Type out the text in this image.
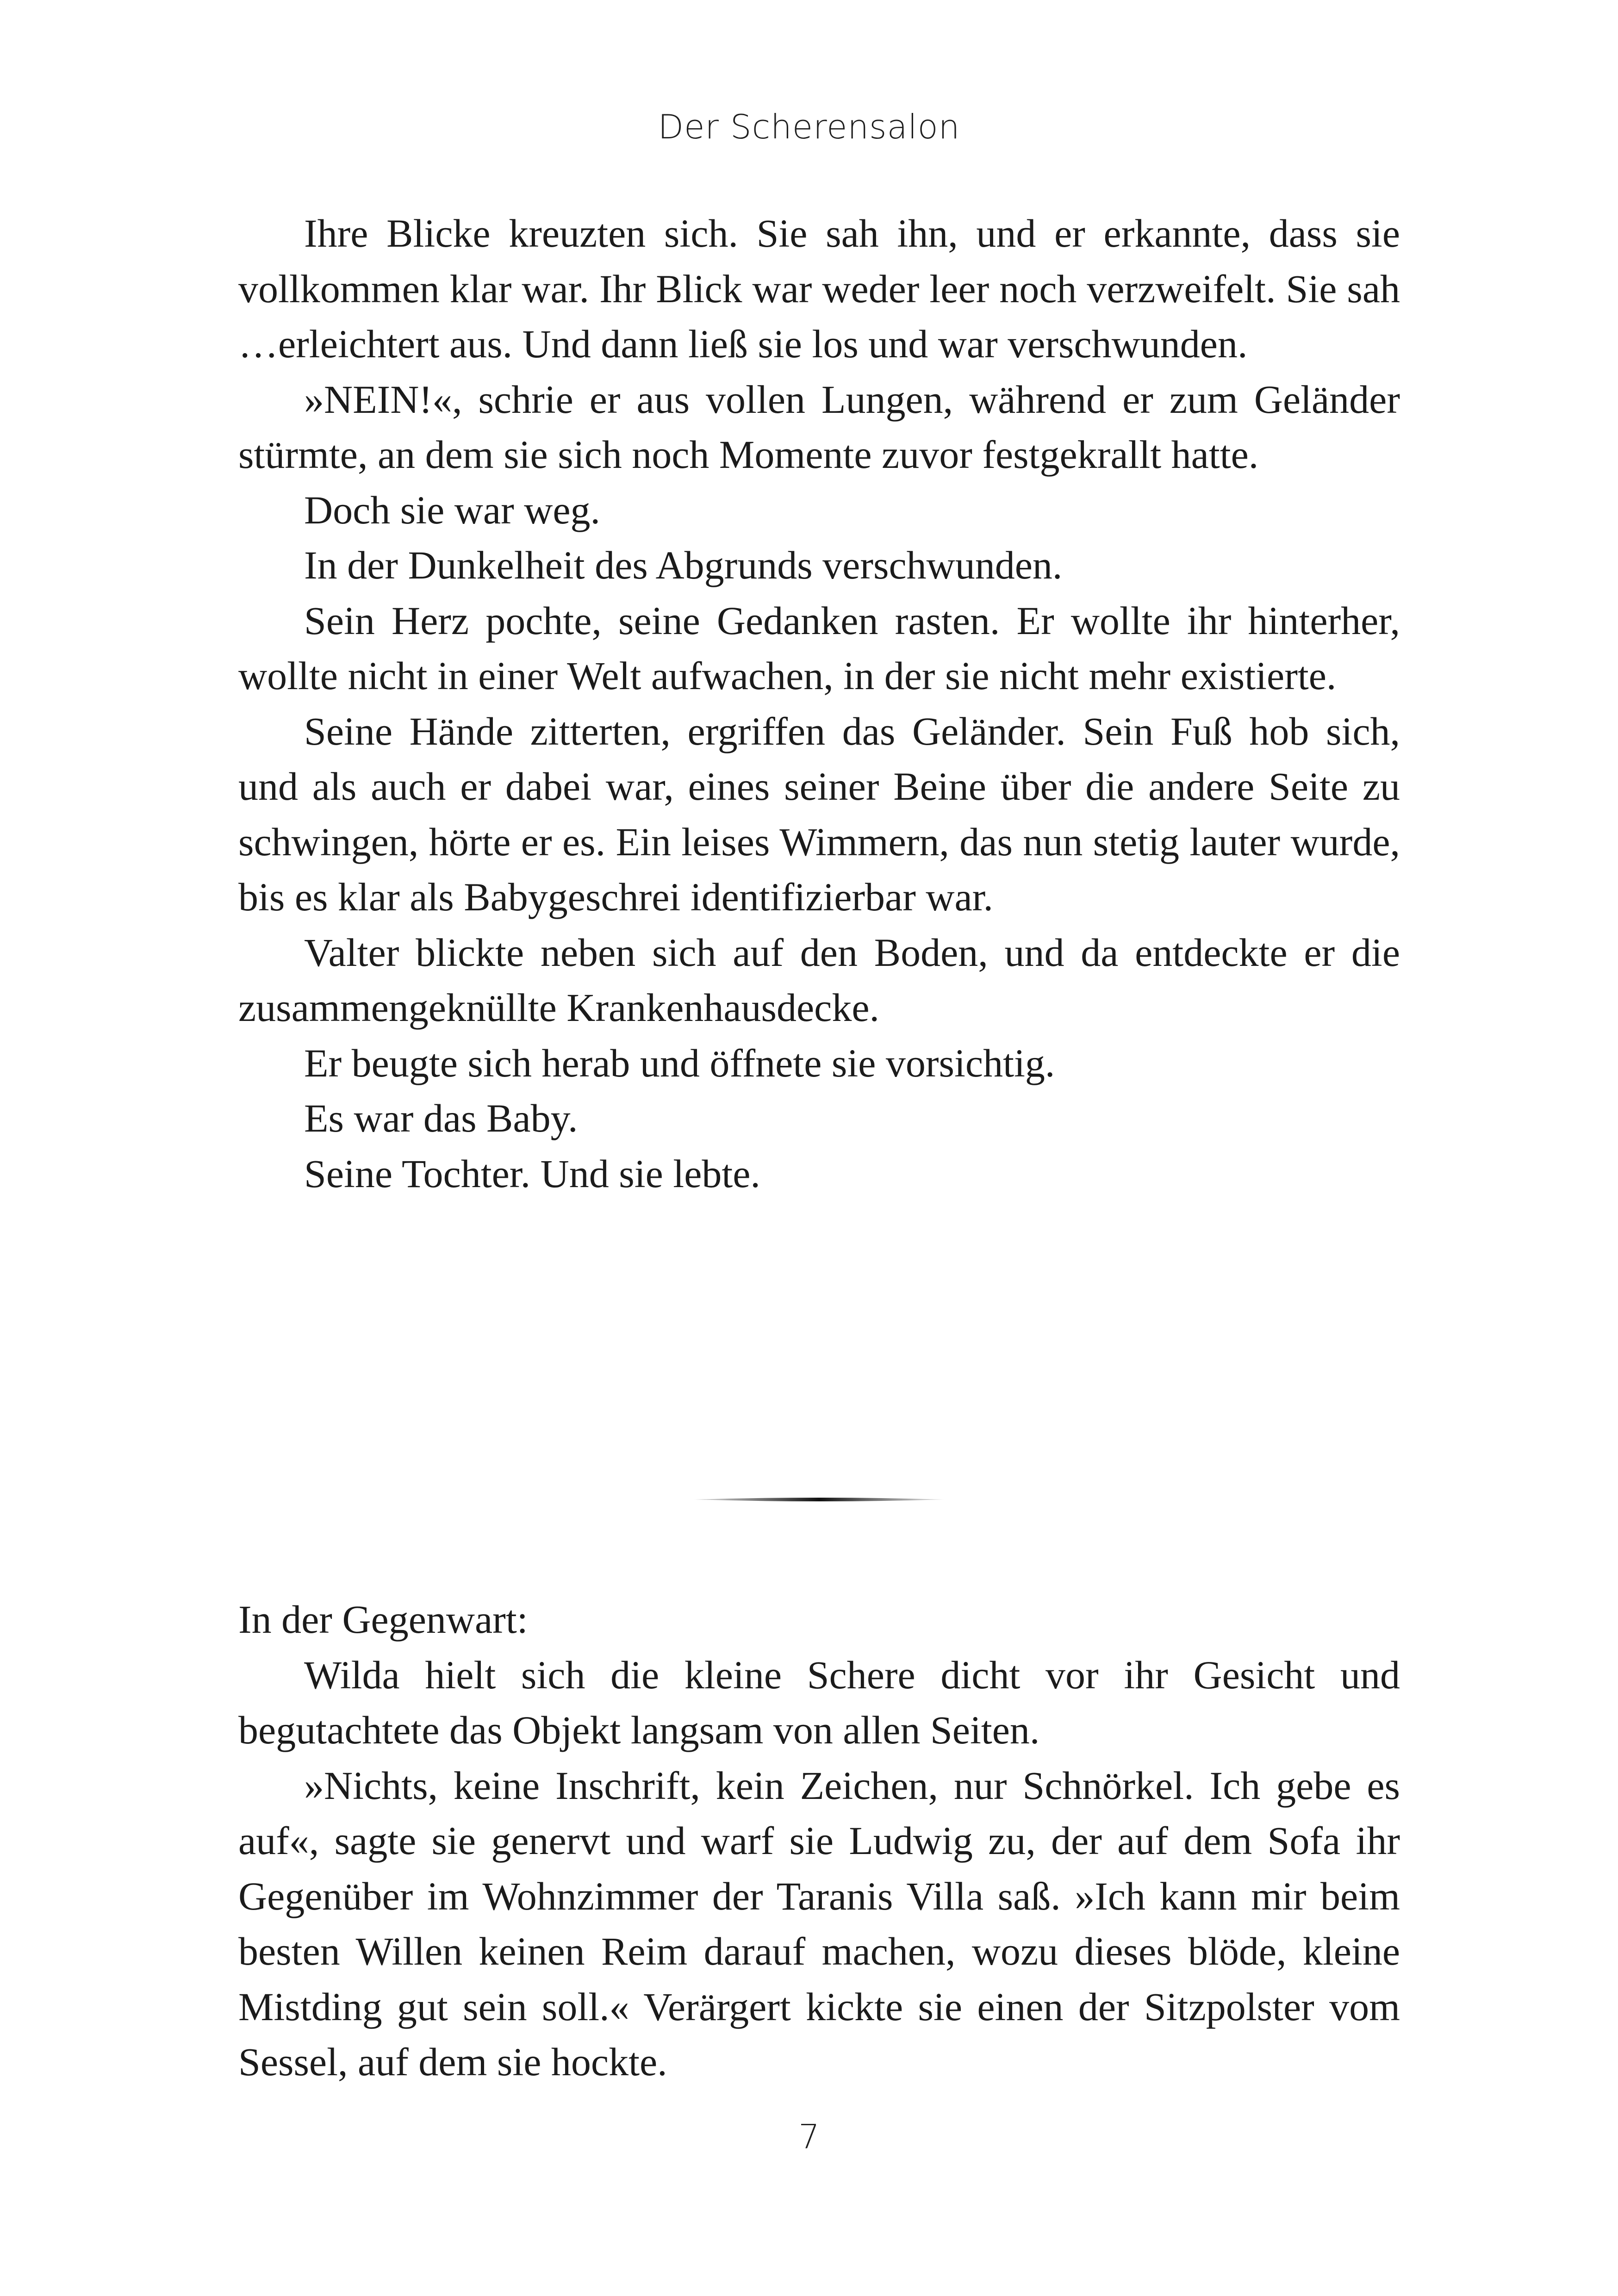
Der Scherensalon

Ihre Blicke kreuzten sich. Sie sah ihn, und er erkannte, dass sie vollkommen klar war. Ihr Blick war weder leer noch verzweifelt. Sie sah …erleichtert aus. Und dann ließ sie los und war verschwunden.

»NEIN!«, schrie er aus vollen Lungen, während er zum Geländer stürmte, an dem sie sich noch Momente zuvor festgekrallt hatte.

Doch sie war weg.

In der Dunkelheit des Abgrunds verschwunden.

Sein Herz pochte, seine Gedanken rasten. Er wollte ihr hinterher, wollte nicht in einer Welt aufwachen, in der sie nicht mehr existierte.

Seine Hände zitterten, ergriffen das Geländer. Sein Fuß hob sich, und als auch er dabei war, eines seiner Beine über die andere Seite zu schwingen, hörte er es. Ein leises Wimmern, das nun stetig lauter wurde, bis es klar als Babygeschrei identifizierbar war.

Valter blickte neben sich auf den Boden, und da entdeckte er die zusammengeknüllte Krankenhausdecke.

Er beugte sich herab und öffnete sie vorsichtig.

Es war das Baby.

Seine Tochter. Und sie lebte.

In der Gegenwart:

Wilda hielt sich die kleine Schere dicht vor ihr Gesicht und begutachtete das Objekt langsam von allen Seiten.

»Nichts, keine Inschrift, kein Zeichen, nur Schnörkel. Ich gebe es auf«, sagte sie genervt und warf sie Ludwig zu, der auf dem Sofa ihr Gegenüber im Wohnzimmer der Taranis Villa saß. »Ich kann mir beim besten Willen keinen Reim darauf machen, wozu dieses blöde, kleine Mistding gut sein soll.« Verärgert kickte sie einen der Sitzpolster vom Sessel, auf dem sie hockte.

7
